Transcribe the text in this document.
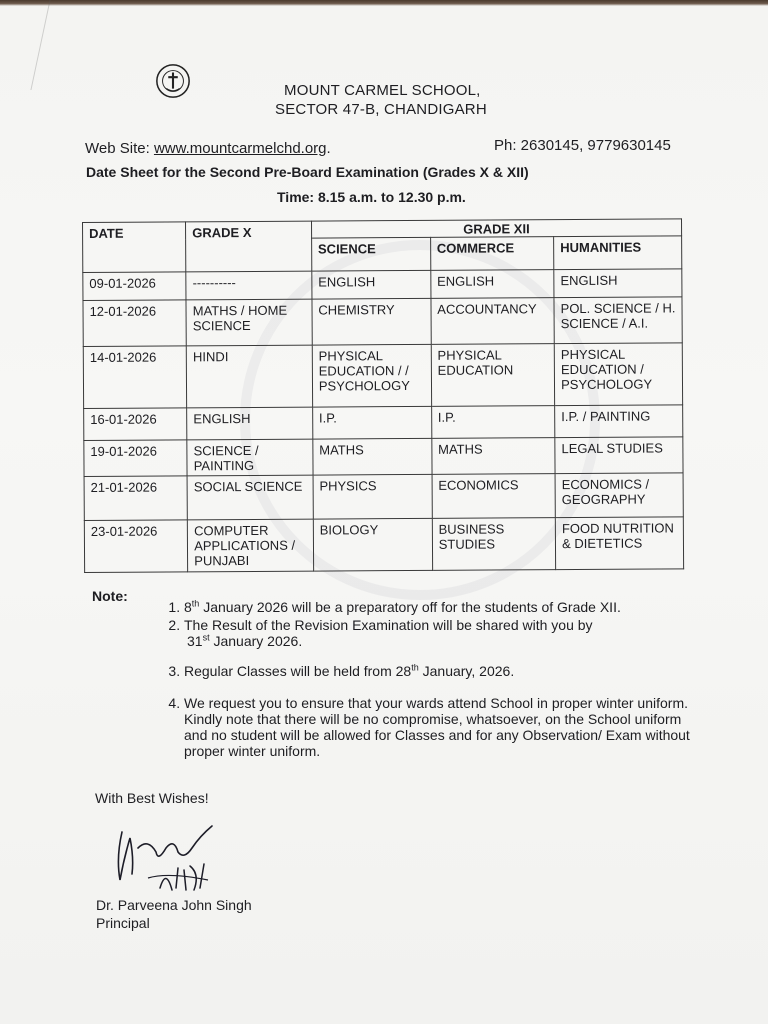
MOUNT CARMEL SCHOOL,
SECTOR 47-B, CHANDIGARH
Web Site: www.mountcarmelchd.org.	Ph: 2630145, 9779630145
Date Sheet for the Second Pre-Board Examination (Grades X & XII)
Time: 8.15 a.m. to 12.30 p.m.
DATE	GRADE X	GRADE XII		
		SCIENCE	COMMERCE	HUMANITIES
09-01-2026	----------	ENGLISH	ENGLISH	ENGLISH
12-01-2026	MATHS / HOME SCIENCE	CHEMISTRY	ACCOUNTANCY	POL. SCIENCE / H. SCIENCE / A.I.
14-01-2026	HINDI	PHYSICAL EDUCATION / / PSYCHOLOGY	PHYSICAL EDUCATION	PHYSICAL EDUCATION / PSYCHOLOGY
16-01-2026	ENGLISH	I.P.	I.P.	I.P. / PAINTING
19-01-2026	SCIENCE / PAINTING	MATHS	MATHS	LEGAL STUDIES
21-01-2026	SOCIAL SCIENCE	PHYSICS	ECONOMICS	ECONOMICS / GEOGRAPHY
23-01-2026	COMPUTER APPLICATIONS / PUNJABI	BIOLOGY	BUSINESS STUDIES	FOOD NUTRITION & DIETETICS
Note:
1. 8th January 2026 will be a preparatory off for the students of Grade XII.
2. The Result of the Revision Examination will be shared with you by
31st January 2026.
3. Regular Classes will be held from 28th January, 2026.
4. We request you to ensure that your wards attend School in proper winter uniform. Kindly note that there will be no compromise, whatsoever, on the School uniform and no student will be allowed for Classes and for any Observation/ Exam without proper winter uniform.
With Best Wishes!
Dr. Parveena John Singh
Principal
